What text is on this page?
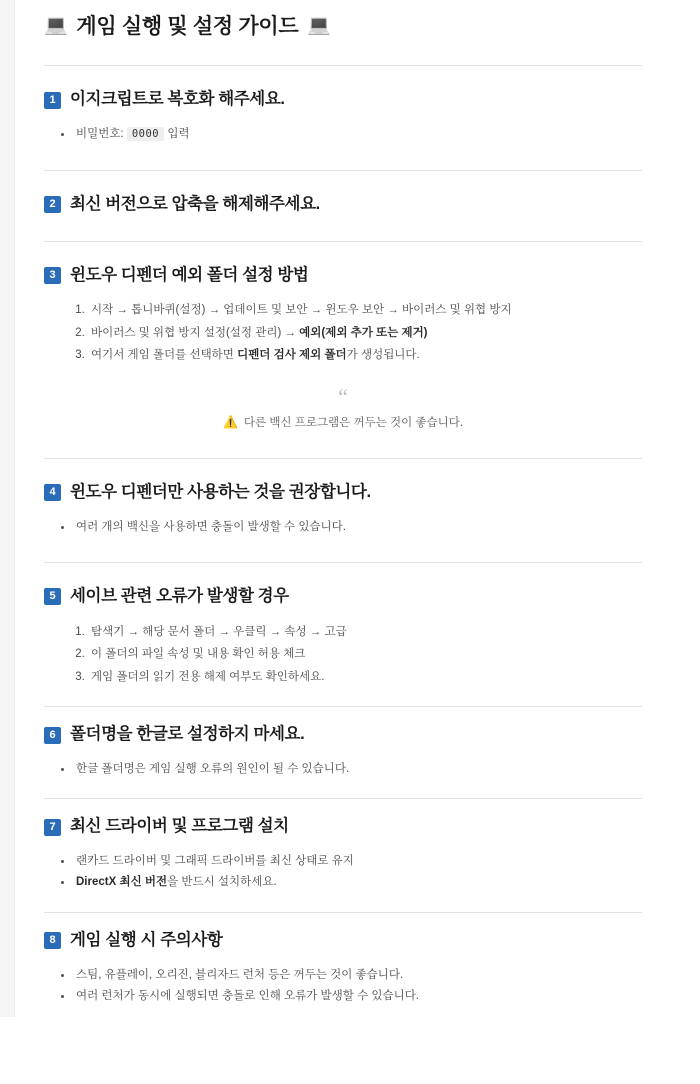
💻 게임 실행 및 설정 가이드 💻
1 이지크립트로 복호화 해주세요.
비밀번호: 0000 입력
2 최신 버전으로 압축을 해제해주세요.
3 윈도우 디펜더 예외 폴더 설정 방법
1. 시작 → 톱니바퀴(설정) → 업데이트 및 보안 → 윈도우 보안 → 바이러스 및 위협 방지
2. 바이러스 및 위협 방지 설정(설정 관리) → 예외(제외 추가 또는 제거)
3. 여기서 게임 폴더를 선택하면 디펜더 검사 제외 폴더가 생성됩니다.
“
⚠️ 다른 백신 프로그램은 꺼두는 것이 좋습니다.
4 윈도우 디펜더만 사용하는 것을 권장합니다.
여러 개의 백신을 사용하면 충돌이 발생할 수 있습니다.
5 세이브 관련 오류가 발생할 경우
1. 탐색기 → 해당 문서 폴더 → 우클릭 → 속성 → 고급
2. 이 폴더의 파일 속성 및 내용 확인 허용 체크
3. 게임 폴더의 읽기 전용 해제 여부도 확인하세요.
6 폴더명을 한글로 설정하지 마세요.
한글 폴더명은 게임 실행 오류의 원인이 될 수 있습니다.
7 최신 드라이버 및 프로그램 설치
랜카드 드라이버 및 그래픽 드라이버를 최신 상태로 유지
DirectX 최신 버전을 반드시 설치하세요.
8 게임 실행 시 주의사항
스팀, 유플레이, 오리진, 블리자드 런처 등은 꺼두는 것이 좋습니다.
여러 런처가 동시에 실행되면 충돌로 인해 오류가 발생할 수 있습니다.
